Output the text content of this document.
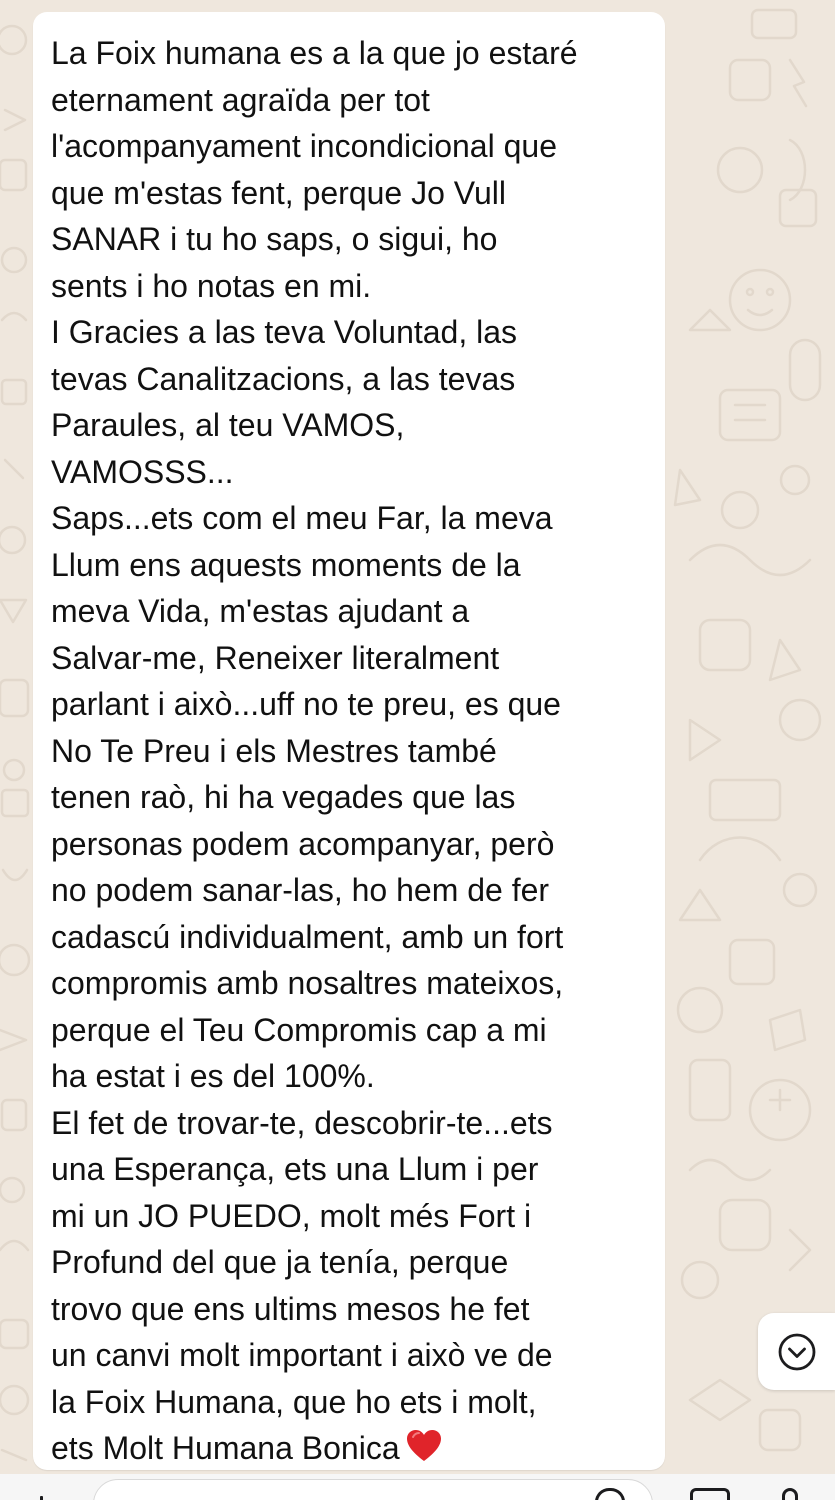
La Foix humana es a la que jo estaré
eternament agraïda per tot
l'acompanyament incondicional que
que m'estas fent, perque Jo Vull
SANAR i tu ho saps, o sigui, ho
sents i ho notas en mi.
I Gracies a las teva Voluntad, las
tevas Canalitzacions, a las tevas
Paraules, al teu VAMOS,
VAMOSSS...
Saps...ets com el meu Far, la meva
Llum ens aquests moments de la
meva Vida, m'estas ajudant a
Salvar-me, Reneixer literalment
parlant i això...uff no te preu, es que
No Te Preu i els Mestres també
tenen raò, hi ha vegades que las
personas podem acompanyar, però
no podem sanar-las, ho hem de fer
cadascú individualment, amb un fort
compromis amb nosaltres mateixos,
perque el Teu Compromis cap a mi
ha estat i es del 100%.
El fet de trovar-te, descobrir-te...ets
una Esperança, ets una Llum i per
mi un JO PUEDO, molt més Fort i
Profund del que ja tenía, perque
trovo que ens ultims mesos he fet
un canvi molt important i això ve de
la Foix Humana, que ho ets i molt,
ets Molt Humana Bonica
